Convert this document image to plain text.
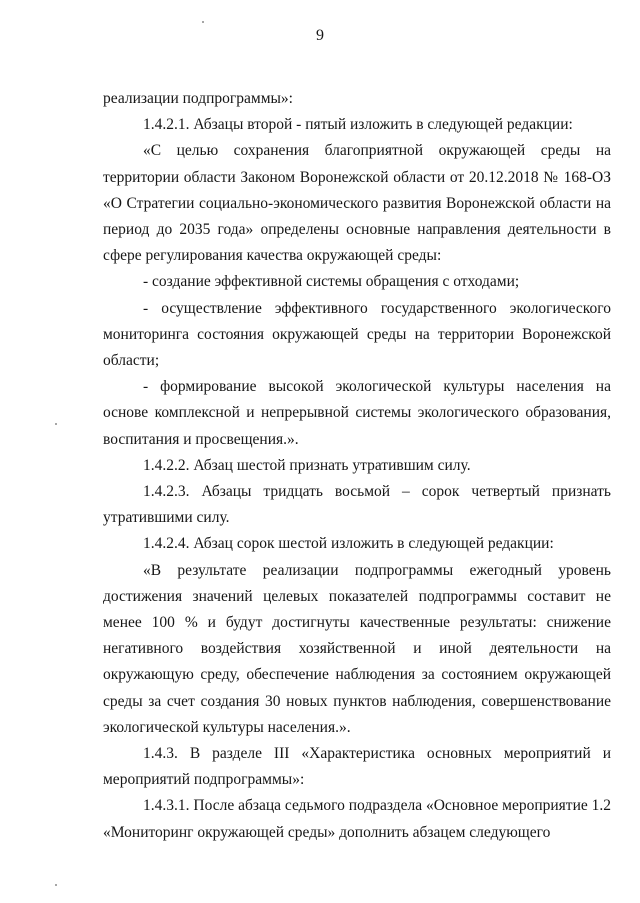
9

реализации подпрограммы»:

1.4.2.1. Абзацы второй - пятый изложить в следующей редакции:

«С целью сохранения благоприятной окружающей среды на территории области Законом Воронежской области от 20.12.2018 № 168-ОЗ «О Стратегии социально-экономического развития Воронежской области на период до 2035 года» определены основные направления деятельности в сфере регулирования качества окружающей среды:

- создание эффективной системы обращения с отходами;

- осуществление эффективного государственного экологического мониторинга состояния окружающей среды на территории Воронежской области;

- формирование высокой экологической культуры населения на основе комплексной и непрерывной системы экологического образования, воспитания и просвещения.».

1.4.2.2. Абзац шестой признать утратившим силу.

1.4.2.3. Абзацы тридцать восьмой – сорок четвертый признать утратившими силу.

1.4.2.4. Абзац сорок шестой изложить в следующей редакции:

«В результате реализации подпрограммы ежегодный уровень достижения значений целевых показателей подпрограммы составит не менее 100 % и будут достигнуты качественные результаты: снижение негативного воздействия хозяйственной и иной деятельности на окружающую среду, обеспечение наблюдения за состоянием окружающей среды за счет создания 30 новых пунктов наблюдения, совершенствование экологической культуры населения.».

1.4.3. В разделе III «Характеристика основных мероприятий и мероприятий подпрограммы»:

1.4.3.1. После абзаца седьмого подраздела «Основное мероприятие 1.2 «Мониторинг окружающей среды» дополнить абзацем следующего
